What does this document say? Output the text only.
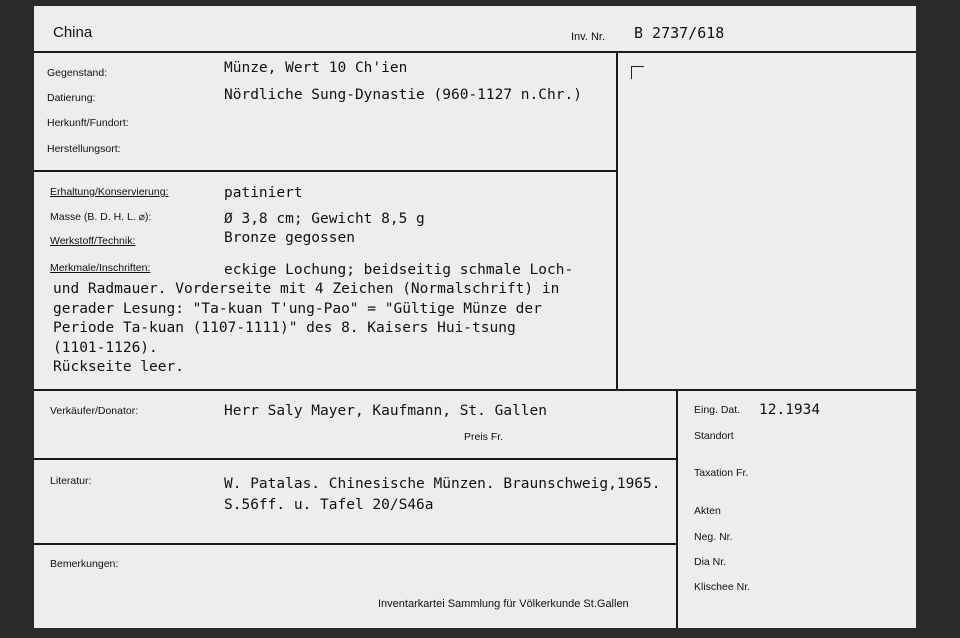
China	Inv. Nr. B 2737/618
Gegenstand:	Münze, Wert 10 Ch'ien
Datierung:	Nördliche Sung-Dynastie (960-1127 n.Chr.)
Herkunft/Fundort:
Herstellungsort:
Erhaltung/Konservierung:	patiniert
Masse (B. D. H. L. ⌀):	Ø 3,8 cm; Gewicht 8,5 g
Werkstoff/Technik:	Bronze gegossen
Merkmale/Inschriften:	eckige Lochung; beidseitig schmale Loch-
und Radmauer. Vorderseite mit 4 Zeichen (Normalschrift) in
gerader Lesung: "Ta-kuan T'ung-Pao" = "Gültige Münze der
Periode Ta-kuan (1107-1111)" des 8. Kaisers Hui-tsung
(1101-1126).
Rückseite leer.
Verkäufer/Donator:	Herr Saly Mayer, Kaufmann, St. Gallen
Preis Fr.
Literatur:	W. Patalas. Chinesische Münzen. Braunschweig,1965.
S.56ff. u. Tafel 20/S46a
Bemerkungen:
Inventarkartei Sammlung für Völkerkunde St.Gallen
Eing. Dat. 12.1934
Standort
Taxation Fr.
Akten
Neg. Nr.
Dia Nr.
Klischee Nr.
